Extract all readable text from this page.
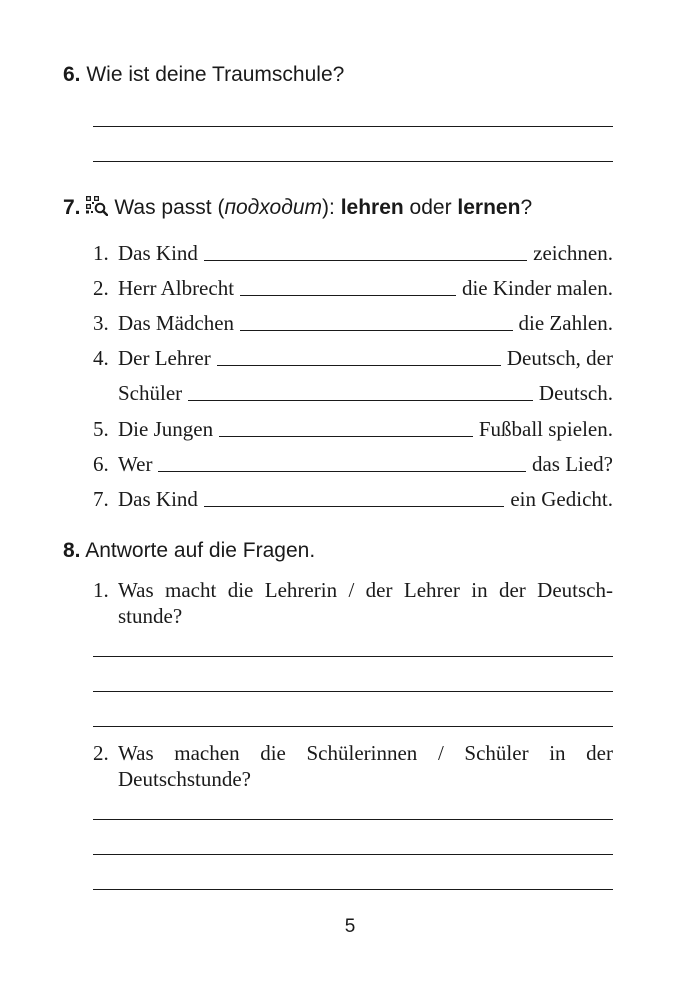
6. Wie ist deine Traumschule?
7. Was passt (подходит): lehren oder lernen?
1. Das Kind	zeichnen.
2. Herr Albrecht	die Kinder malen.
3. Das Mädchen	die Zahlen.
4. Der Lehrer	Deutsch, der
Schüler	Deutsch.
5. Die Jungen	Fußball spielen.
6. Wer	das Lied?
7. Das Kind	ein Gedicht.
8. Antworte auf die Fragen.
1. Was macht die Lehrerin / der Lehrer in der Deutschstunde?
2. Was machen die Schülerinnen / Schüler in der Deutschstunde?
5
